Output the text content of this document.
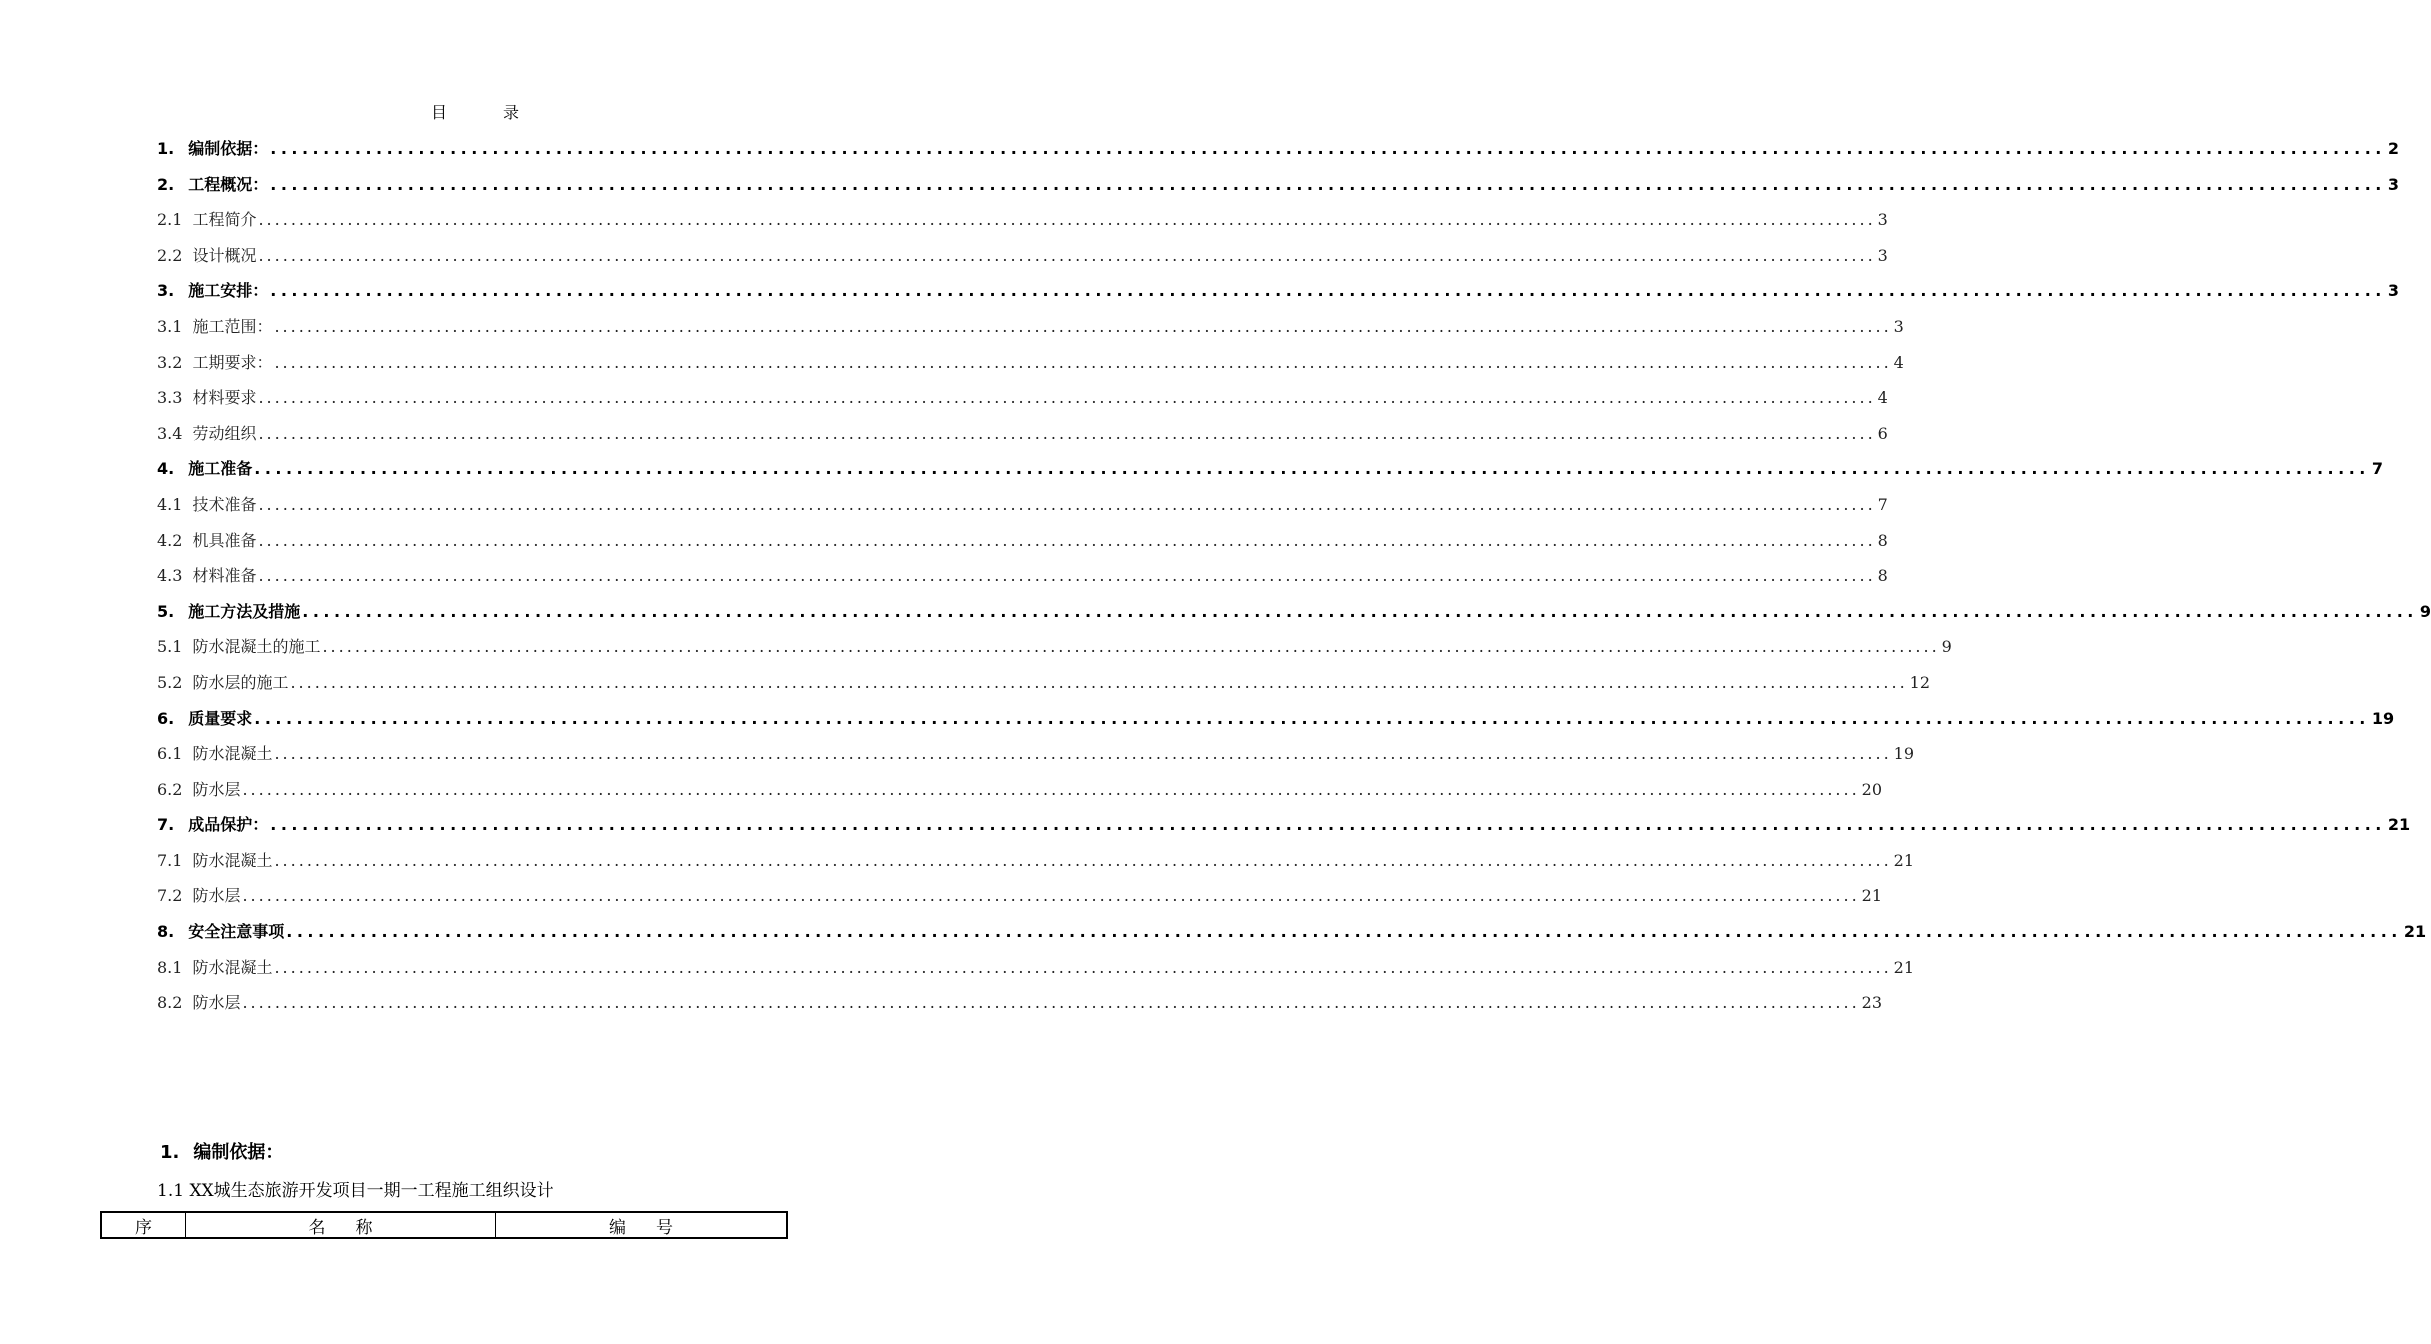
目录
1. 编制依据： ........................................................................................................................................................................................................ 2
2. 工程概况： ........................................................................................................................................................................................................ 3
2.1 工程简介 ........................................................................................................................................................................................................ 3
2.2 设计概况 ........................................................................................................................................................................................................ 3
3. 施工安排： ........................................................................................................................................................................................................ 3
3.1 施工范围： ........................................................................................................................................................................................................ 3
3.2 工期要求： ........................................................................................................................................................................................................ 4
3.3 材料要求 ........................................................................................................................................................................................................ 4
3.4 劳动组织 ........................................................................................................................................................................................................ 6
4. 施工准备 ........................................................................................................................................................................................................ 7
4.1 技术准备 ........................................................................................................................................................................................................ 7
4.2 机具准备 ........................................................................................................................................................................................................ 8
4.3 材料准备 ........................................................................................................................................................................................................ 8
5. 施工方法及措施 ........................................................................................................................................................................................................ 9
5.1 防水混凝土的施工 ........................................................................................................................................................................................................ 9
5.2 防水层的施工 ........................................................................................................................................................................................................ 12
6. 质量要求 ........................................................................................................................................................................................................ 19
6.1 防水混凝土 ........................................................................................................................................................................................................ 19
6.2 防水层 ........................................................................................................................................................................................................ 20
7. 成品保护： ........................................................................................................................................................................................................ 21
7.1 防水混凝土 ........................................................................................................................................................................................................ 21
7.2 防水层 ........................................................................................................................................................................................................ 21
8. 安全注意事项 ........................................................................................................................................................................................................ 21
8.1 防水混凝土 ........................................................................................................................................................................................................ 21
8.2 防水层 ........................................................................................................................................................................................................ 23
1. 编制依据：
1.1 XX城生态旅游开发项目一期一工程施工组织设计
序	名称	编号
